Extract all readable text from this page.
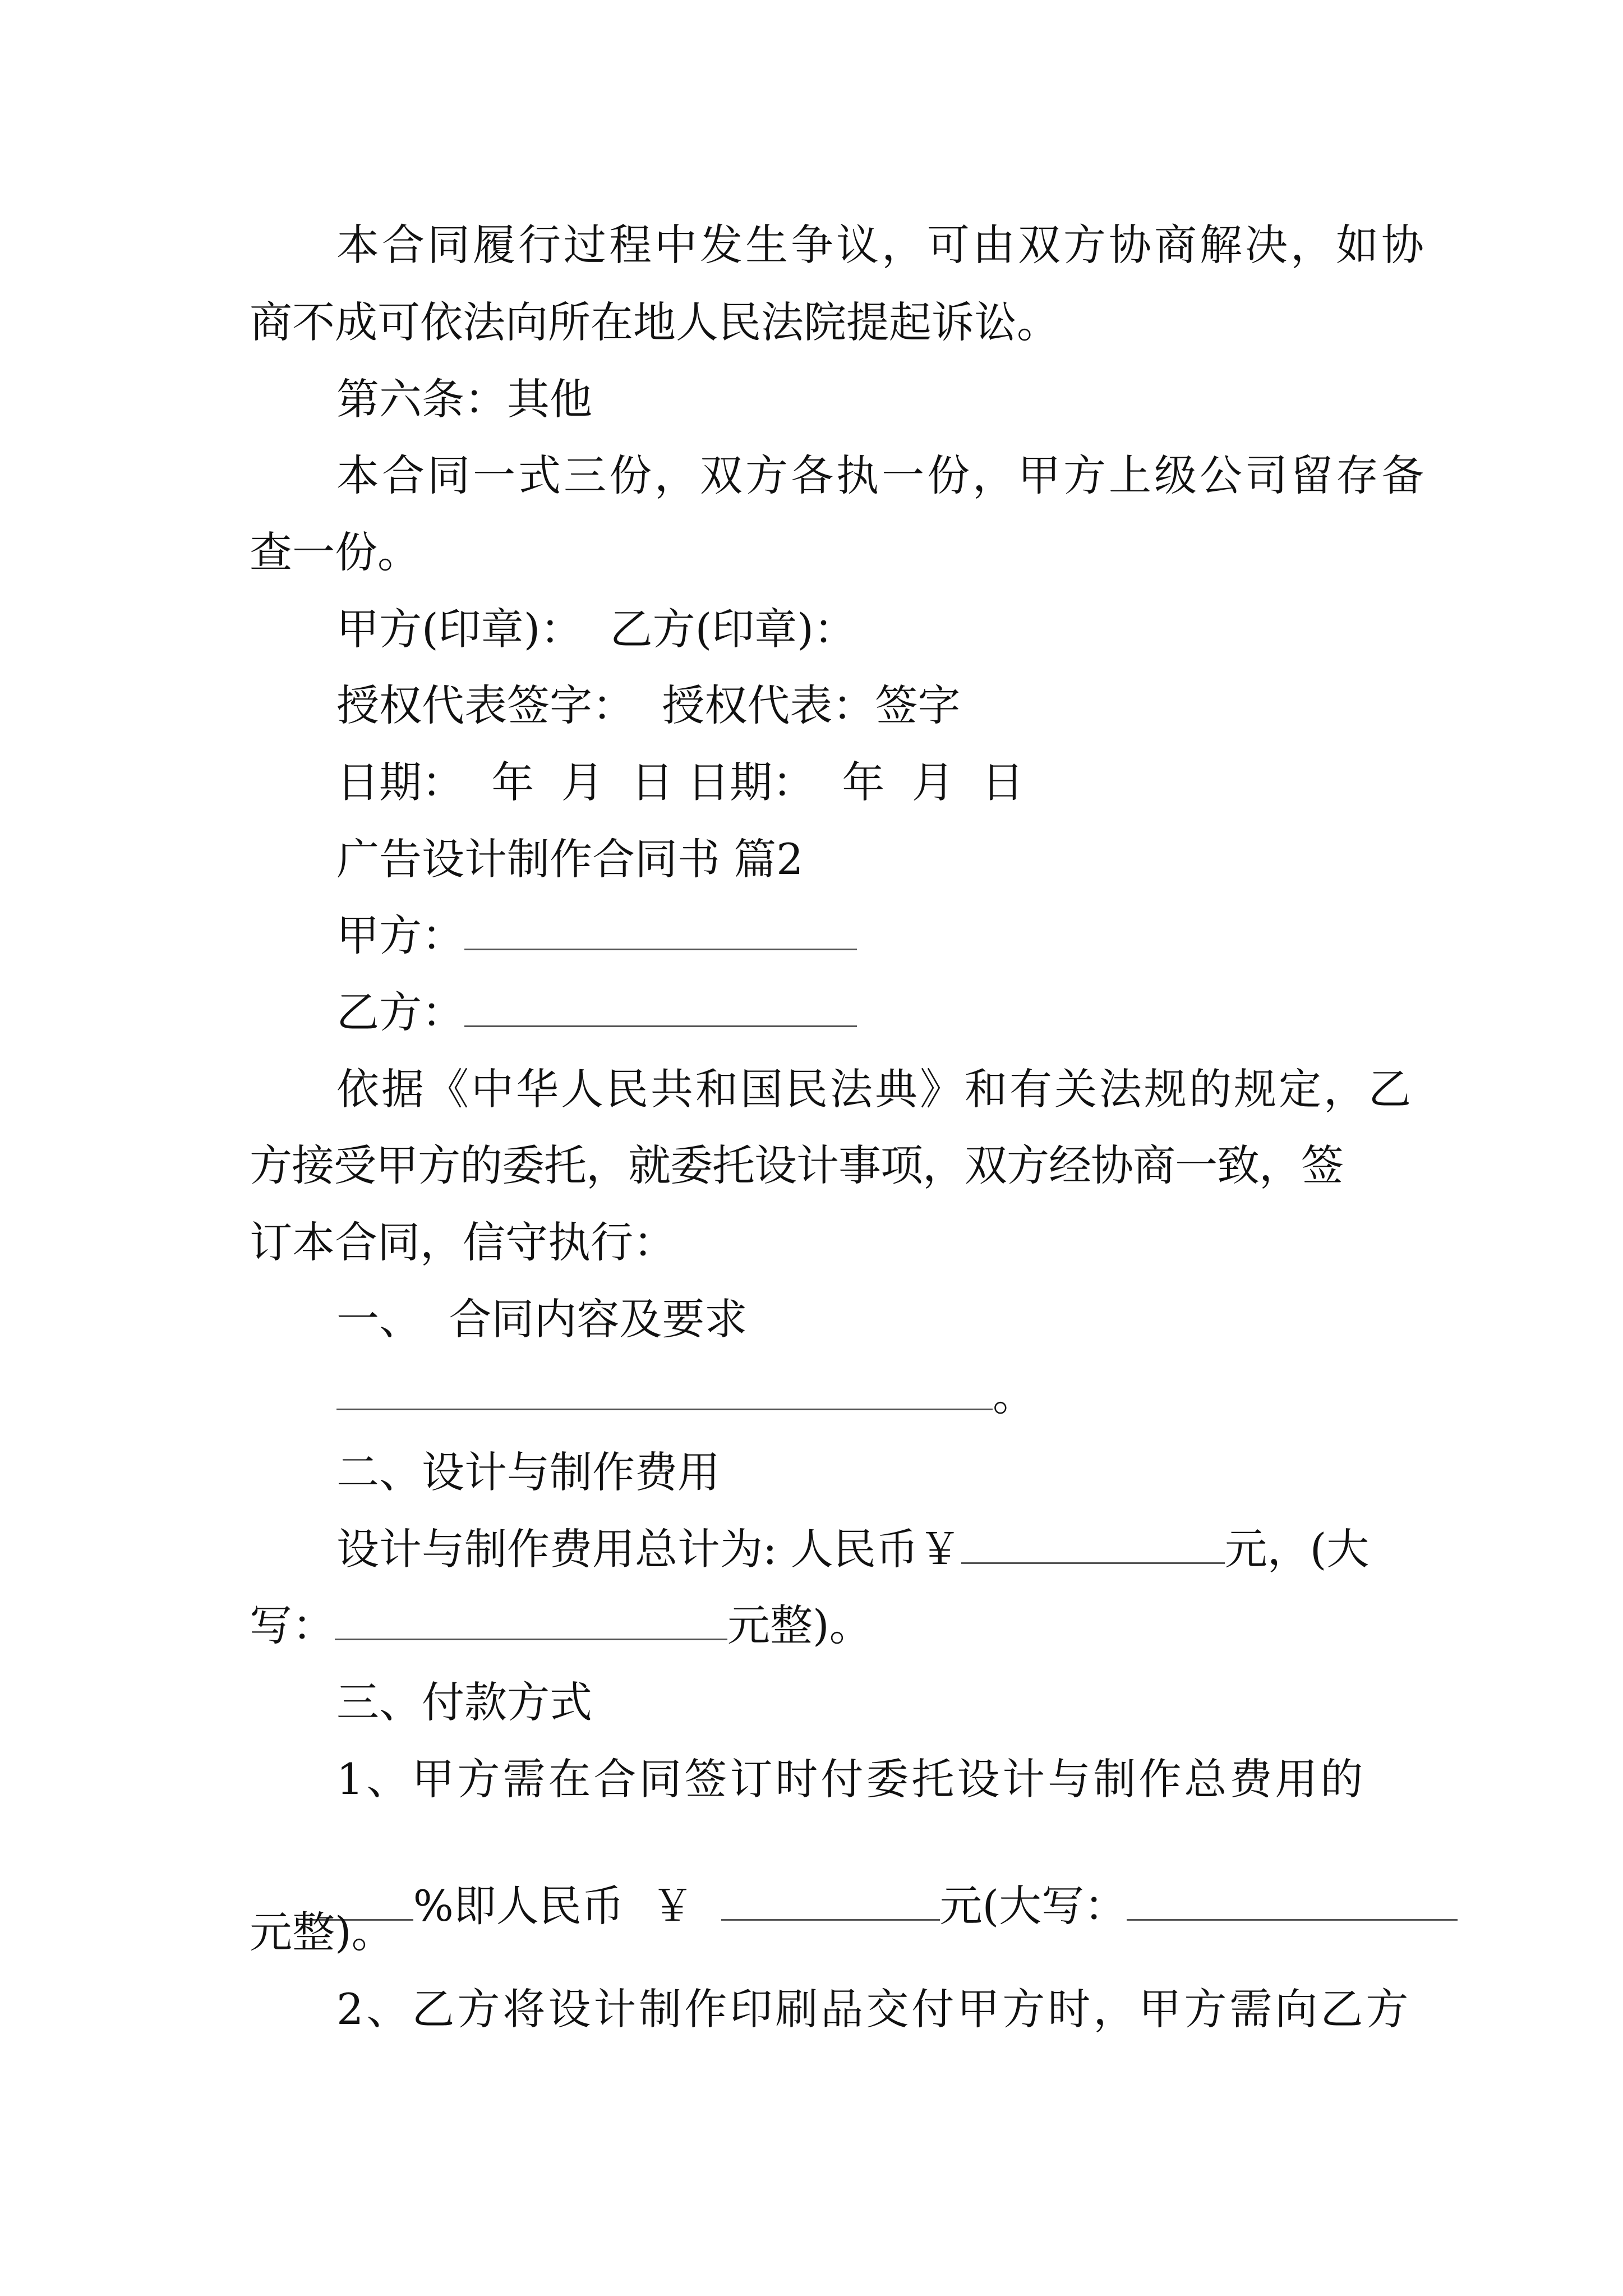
本合同履行过程中发生争议，可由双方协商解决，如协
商不成可依法向所在地人民法院提起诉讼。
第六条：其他
本合同一式三份，双方各执一份，甲方上级公司留存备
查一份。
甲方(印章)：  乙方(印章)：
授权代表签字：  授权代表：签字
日期：  年  月  日 日期：  年  月  日
广告设计制作合同书 篇2
甲方：
乙方：
依据《中华人民共和国民法典》和有关法规的规定，乙
方接受甲方的委托，就委托设计事项，双方经协商一致，签
订本合同，信守执行：
一、  合同内容及要求
。
二、设计与制作费用
设计与制作费用总计为: 人民币￥	元，(大
写：	元整)。
三、付款方式
1、甲方需在合同签订时付委托设计与制作总费用的

%即人民币  ￥	元(大写：

元整)。
2、乙方将设计制作印刷品交付甲方时，甲方需向乙方
